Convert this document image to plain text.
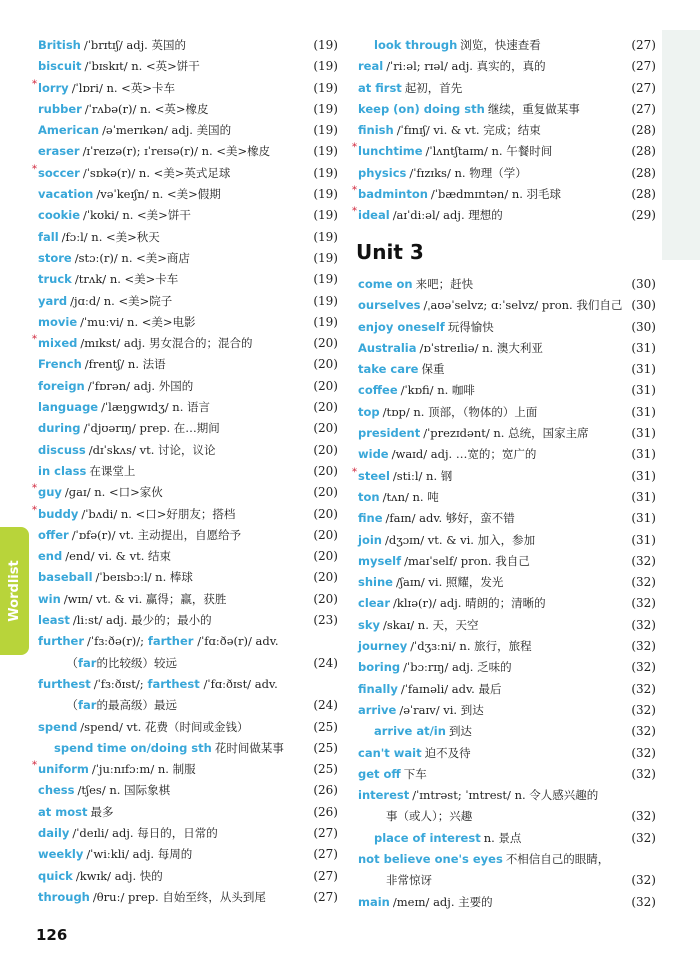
Wordlist
British /ˈbrɪtɪʃ/ adj. 英国的	(19)
biscuit /ˈbɪskɪt/ n. <英>饼干	(19)
* lorry /ˈlɒri/ n. <英>卡车	(19)
rubber /ˈrʌbə(r)/ n. <英>橡皮	(19)
American /əˈmerɪkən/ adj. 美国的	(19)
eraser /ɪˈreɪzə(r); ɪˈreɪsə(r)/ n. <美>橡皮	(19)
* soccer /ˈsɒkə(r)/ n. <美>英式足球	(19)
vacation /vəˈkeɪʃn/ n. <美>假期	(19)
cookie /ˈkʊki/ n. <美>饼干	(19)
fall /fɔːl/ n. <美>秋天	(19)
store /stɔː(r)/ n. <美>商店	(19)
truck /trʌk/ n. <美>卡车	(19)
yard /jɑːd/ n. <美>院子	(19)
movie /ˈmuːvi/ n. <美>电影	(19)
* mixed /mɪkst/ adj. 男女混合的；混合的	(20)
French /frentʃ/ n. 法语	(20)
foreign /ˈfɒrən/ adj. 外国的	(20)
language /ˈlæŋɡwɪdʒ/ n. 语言	(20)
during /ˈdjʊərɪŋ/ prep. 在…期间	(20)
discuss /dɪˈskʌs/ vt. 讨论，议论	(20)
in class 在课堂上	(20)
* guy /ɡaɪ/ n. <口>家伙	(20)
* buddy /ˈbʌdi/ n. <口>好朋友；搭档	(20)
offer /ˈɒfə(r)/ vt. 主动提出，自愿给予	(20)
end /end/ vi. & vt. 结束	(20)
baseball /ˈbeɪsbɔːl/ n. 棒球	(20)
win /wɪn/ vt. & vi. 赢得；赢，获胜	(20)
least /liːst/ adj. 最少的；最小的	(23)
further /ˈfɜːðə(r)/; farther /ˈfɑːðə(r)/ adv.
（far的比较级）较远	(24)
furthest /ˈfɜːðɪst/; farthest /ˈfɑːðɪst/ adv.
（far的最高级）最远	(24)
spend /spend/ vt. 花费（时间或金钱）	(25)
spend time on/doing sth 花时间做某事 (25)
* uniform /ˈjuːnɪfɔːm/ n. 制服	(25)
chess /tʃes/ n. 国际象棋	(26)
at most 最多	(26)
daily /ˈdeɪli/ adj. 每日的，日常的	(27)
weekly /ˈwiːkli/ adj. 每周的	(27)
quick /kwɪk/ adj. 快的	(27)
through /θruː/ prep. 自始至终，从头到尾	(27)
look through 浏览，快速查看	(27)
real /ˈriːəl; rɪəl/ adj. 真实的，真的	(27)
at first 起初，首先	(27)
keep (on) doing sth 继续，重复做某事	(27)
finish /ˈfɪnɪʃ/ vi. & vt. 完成；结束	(28)
* lunchtime /ˈlʌntʃtaɪm/ n. 午餐时间	(28)
physics /ˈfɪzɪks/ n. 物理（学）	(28)
* badminton /ˈbædmɪntən/ n. 羽毛球	(28)
* ideal /aɪˈdiːəl/ adj. 理想的	(29)
Unit 3
come on 来吧；赶快	(30)
ourselves /ˌaʊəˈselvz; ɑːˈselvz/ pron. 我们自己 (30)
enjoy oneself 玩得愉快	(30)
Australia /ɒˈstreɪliə/ n. 澳大利亚	(31)
take care 保重	(31)
coffee /ˈkɒfi/ n. 咖啡	(31)
top /tɒp/ n. 顶部，（物体的）上面	(31)
president /ˈprezɪdənt/ n. 总统，国家主席	(31)
wide /waɪd/ adj. …宽的；宽广的	(31)
* steel /stiːl/ n. 钢	(31)
ton /tʌn/ n. 吨	(31)
fine /faɪn/ adv. 够好，蛮不错	(31)
join /dʒɔɪn/ vt. & vi. 加入，参加	(31)
myself /maɪˈself/ pron. 我自己	(32)
shine /ʃaɪn/ vi. 照耀，发光	(32)
clear /klɪə(r)/ adj. 晴朗的；清晰的	(32)
sky /skaɪ/ n. 天，天空	(32)
journey /ˈdʒɜːni/ n. 旅行，旅程	(32)
boring /ˈbɔːrɪŋ/ adj. 乏味的	(32)
finally /ˈfaɪnəli/ adv. 最后	(32)
arrive /əˈraɪv/ vi. 到达	(32)
arrive at/in 到达	(32)
can't wait 迫不及待	(32)
get off 下车	(32)
interest /ˈɪntrəst; ˈɪntrest/ n. 令人感兴趣的
事（或人）；兴趣	(32)
place of interest n. 景点	(32)
not believe one's eyes 不相信自己的眼睛，
非常惊讶	(32)
main /meɪn/ adj. 主要的	(32)
126
